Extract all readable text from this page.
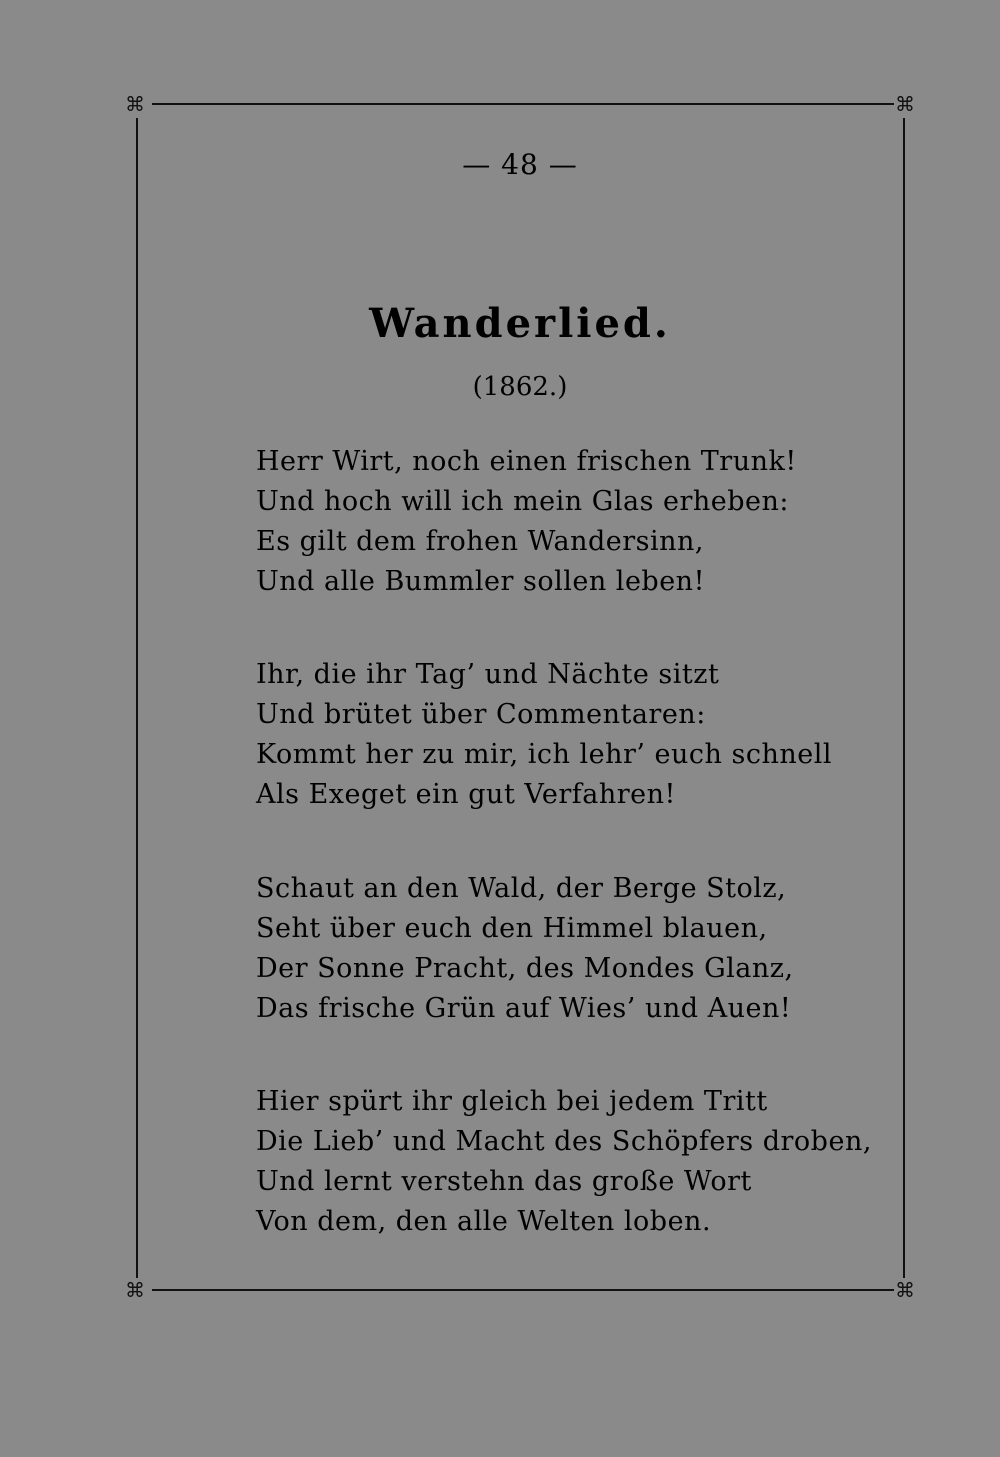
⌘	⌘
⌘	⌘
— 48 —
Wanderlied.
(1862.)
Herr Wirt, noch einen frischen Trunk!
Und hoch will ich mein Glas erheben:
Es gilt dem frohen Wandersinn,
Und alle Bummler sollen leben!
Ihr, die ihr Tag’ und Nächte sitzt
Und brütet über Commentaren:
Kommt her zu mir, ich lehr’ euch schnell
Als Exeget ein gut Verfahren!
Schaut an den Wald, der Berge Stolz,
Seht über euch den Himmel blauen,
Der Sonne Pracht, des Mondes Glanz,
Das frische Grün auf Wies’ und Auen!
Hier spürt ihr gleich bei jedem Tritt
Die Lieb’ und Macht des Schöpfers droben,
Und lernt verstehn das große Wort
Von dem, den alle Welten loben.
